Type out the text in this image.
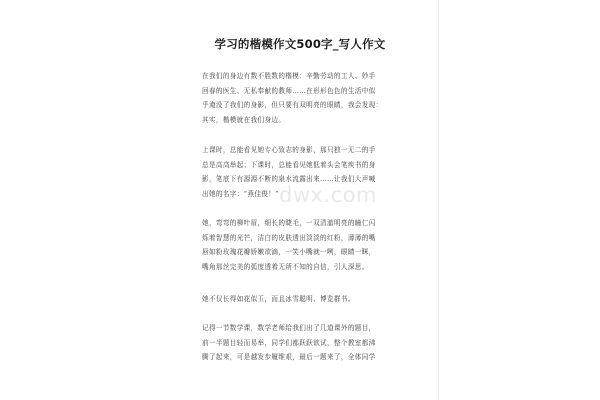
学习的楷模作文500字_写人作文
在我们的身边有数不胜数的楷模：辛勤劳动的工人、妙手
回春的医生、无私奉献的教师……在形形色色的生活中似
乎淹没了我们的身影，但只要有双明亮的眼睛，我会发现：
其实，楷模就在我们身边。
上课时，总能看见她专心致志的身影，那只独一无二的手
总是高高举起；下课时，总能看见她低着头会笔疾书的身
影，笔底下有源源不断的泉水流露出来……让我们大声喊
出她的名字：“燕佳俊！”
她，弯弯的柳叶眉，细长的睫毛，一双清澈明亮的瞳仁闪
烁着智慧的光芒，洁白的皮肤透出淡淡的红粉，薄薄的嘴
唇如粉玫瑰花瓣娇嫩欲滴，一笑小嘴就一咧，眼睛一眯，
嘴角那丝完美的弧度透着无所不知的自信，引人深思。
她不仅长得如花似玉，而且冰雪聪明、博览群书。
记得一节数学课，数学老师给我们出了几道课外的题目，
前一半题目轻而易举，同学们都跃跃欲试，整个教室都沸
腾了起来，可是越发步履维艰，最后一题来了，全体同学
dwx.com
